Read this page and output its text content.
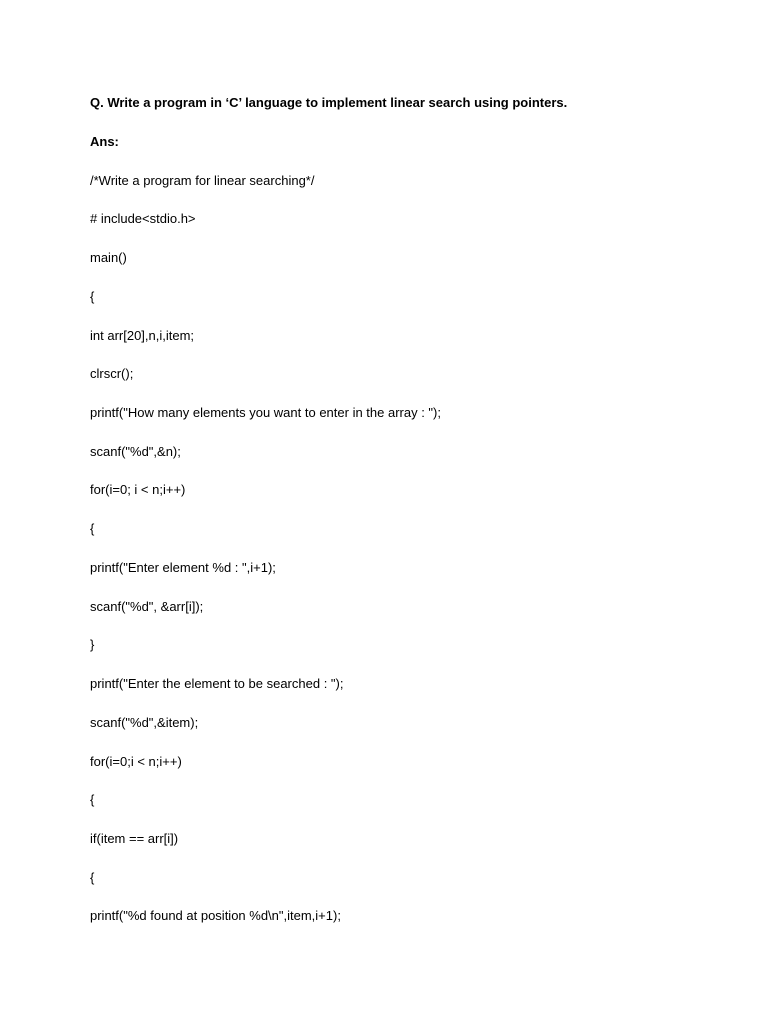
Q. Write a program in ‘C’ language to implement linear search using pointers.

Ans:

/*Write a program for linear searching*/

# include<stdio.h>

main()

{

int arr[20],n,i,item;

clrscr();

printf("How many elements you want to enter in the array : ");

scanf("%d",&n);

for(i=0; i < n;i++)

{

printf("Enter element %d : ",i+1);

scanf("%d", &arr[i]);

}

printf("Enter the element to be searched : ");

scanf("%d",&item);

for(i=0;i < n;i++)

{

if(item == arr[i])

{

printf("%d found at position %d\n",item,i+1);
